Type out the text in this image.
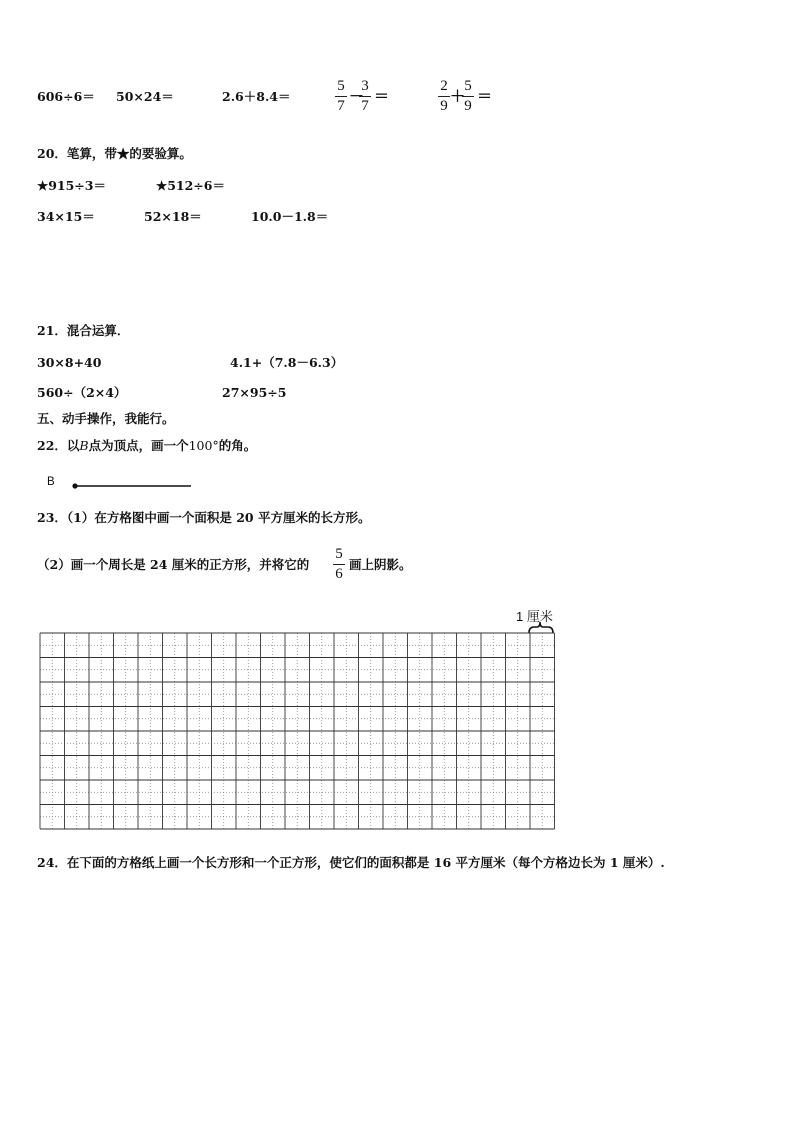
606÷6＝ 50×24＝	2.6＋8.4＝
5
7
－
3
7
＝
2
9
＋
5
9
＝
20．笔算，带★的要验算。
★915÷3＝	★512÷6＝
34×15＝	52×18＝	10.0－1.8＝
21．混合运算．
30×8+40	4.1+（7.8－6.3）
560÷（2×4）	27×95÷5
五、动手操作，我能行。
22．以B点为顶点，画一个100°的角。
B
23．（1）在方格图中画一个面积是 20 平方厘米的长方形。
（2）画一个周长是 24 厘米的正方形，并将它的
5
6
画上阴影。
1 厘米
24．在下面的方格纸上画一个长方形和一个正方形，使它们的面积都是 16 平方厘米（每个方格边长为 1 厘米）.
